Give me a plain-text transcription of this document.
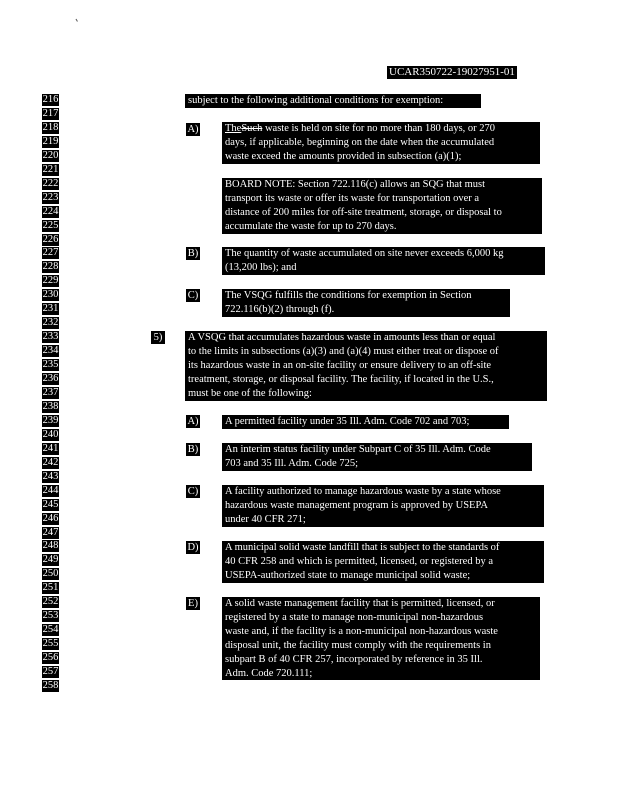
UCAR350722-19027951-01
216
217
218
219
220
221
222
223
224
225
226
227
228
229
230
231
232
233
234
235
236
237
238
239
240
241
242
243
244
245
246
247
248
249
250
251
252
253
254
255
256
257
258
subject to the following additional conditions for exemption:
A)	TheSuch waste is held on site for no more than 180 days, or 270
days, if applicable, beginning on the date when the accumulated
waste exceed the amounts provided in subsection (a)(1);
BOARD NOTE: Section 722.116(c) allows an SQG that must
transport its waste or offer its waste for transportation over a
distance of 200 miles for off-site treatment, storage, or disposal to
accumulate the waste for up to 270 days.
B)	The quantity of waste accumulated on site never exceeds 6,000 kg
(13,200 lbs); and
C)	The VSQG fulfills the conditions for exemption in Section
722.116(b)(2) through (f).
5) A VSQG that accumulates hazardous waste in amounts less than or equal
to the limits in subsections (a)(3) and (a)(4) must either treat or dispose of
its hazardous waste in an on-site facility or ensure delivery to an off-site
treatment, storage, or disposal facility. The facility, if located in the U.S.,
must be one of the following:
A)	A permitted facility under 35 Ill. Adm. Code 702 and 703;
B)	An interim status facility under Subpart C of 35 Ill. Adm. Code
703 and 35 Ill. Adm. Code 725;
C)	A facility authorized to manage hazardous waste by a state whose
hazardous waste management program is approved by USEPA
under 40 CFR 271;
D)	A municipal solid waste landfill that is subject to the standards of
40 CFR 258 and which is permitted, licensed, or registered by a
USEPA-authorized state to manage municipal solid waste;
E)	A solid waste management facility that is permitted, licensed, or
registered by a state to manage non-municipal non-hazardous
waste and, if the facility is a non-municipal non-hazardous waste
disposal unit, the facility must comply with the requirements in
subpart B of 40 CFR 257, incorporated by reference in 35 Ill.
Adm. Code 720.111;
